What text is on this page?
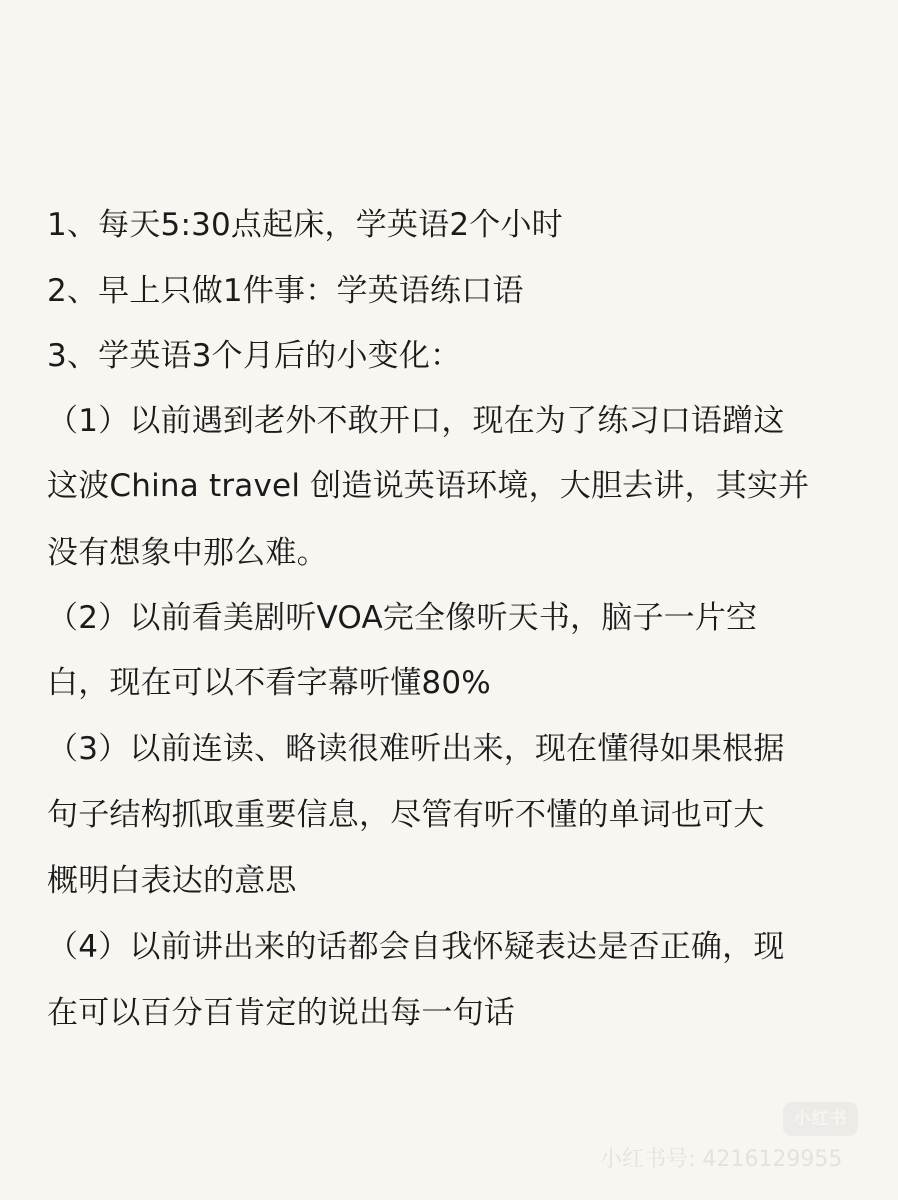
1、每天5:30点起床，学英语2个小时
2、早上只做1件事：学英语练口语
3、学英语3个月后的小变化：
（1）以前遇到老外不敢开口，现在为了练习口语蹭这
这波China travel 创造说英语环境，大胆去讲，其实并
没有想象中那么难。
（2）以前看美剧听VOA完全像听天书，脑子一片空
白，现在可以不看字幕听懂80%
（3）以前连读、略读很难听出来，现在懂得如果根据
句子结构抓取重要信息，尽管有听不懂的单词也可大
概明白表达的意思
（4）以前讲出来的话都会自我怀疑表达是否正确，现
在可以百分百肯定的说出每一句话
小红书
小红书号: 4216129955
